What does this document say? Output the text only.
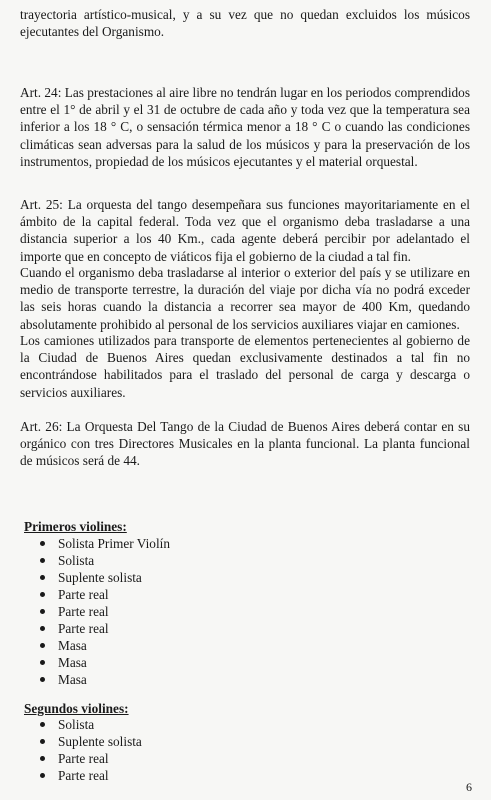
trayectoria artístico-musical, y a su vez que no quedan excluidos los músicos ejecutantes del Organismo.

Art. 24: Las prestaciones al aire libre no tendrán lugar en los periodos comprendidos entre el 1° de abril y el 31 de octubre de cada año y toda vez que la temperatura sea inferior a los 18 ° C, o sensación térmica menor a 18 ° C o cuando las condiciones climáticas sean adversas para la salud de los músicos y para la preservación de los instrumentos, propiedad de los músicos ejecutantes y el material orquestal.

Art. 25: La orquesta del tango desempeñara sus funciones mayoritariamente en el ámbito de la capital federal. Toda vez que el organismo deba trasladarse a una distancia superior a los 40 Km., cada agente deberá percibir por adelantado el importe que en concepto de viáticos fija el gobierno de la ciudad a tal fin.

Cuando el organismo deba trasladarse al interior o exterior del país y se utilizare en medio de transporte terrestre, la duración del viaje por dicha vía no podrá exceder las seis horas cuando la distancia a recorrer sea mayor de 400 Km, quedando absolutamente prohibido al personal de los servicios auxiliares viajar en camiones.

Los camiones utilizados para transporte de elementos pertenecientes al gobierno de la Ciudad de Buenos Aires quedan exclusivamente destinados a tal fin no encontrándose habilitados para el traslado del personal de carga y descarga o servicios auxiliares.

Art. 26: La Orquesta Del Tango de la Ciudad de Buenos Aires deberá contar en su orgánico con tres Directores Musicales en la planta funcional. La planta funcional de músicos será de 44.

Primeros violines:

Solista Primer Violín
Solista
Suplente solista
Parte real
Parte real
Parte real
Masa
Masa
Masa

Segundos violines:

Solista
Suplente solista
Parte real
Parte real
6
